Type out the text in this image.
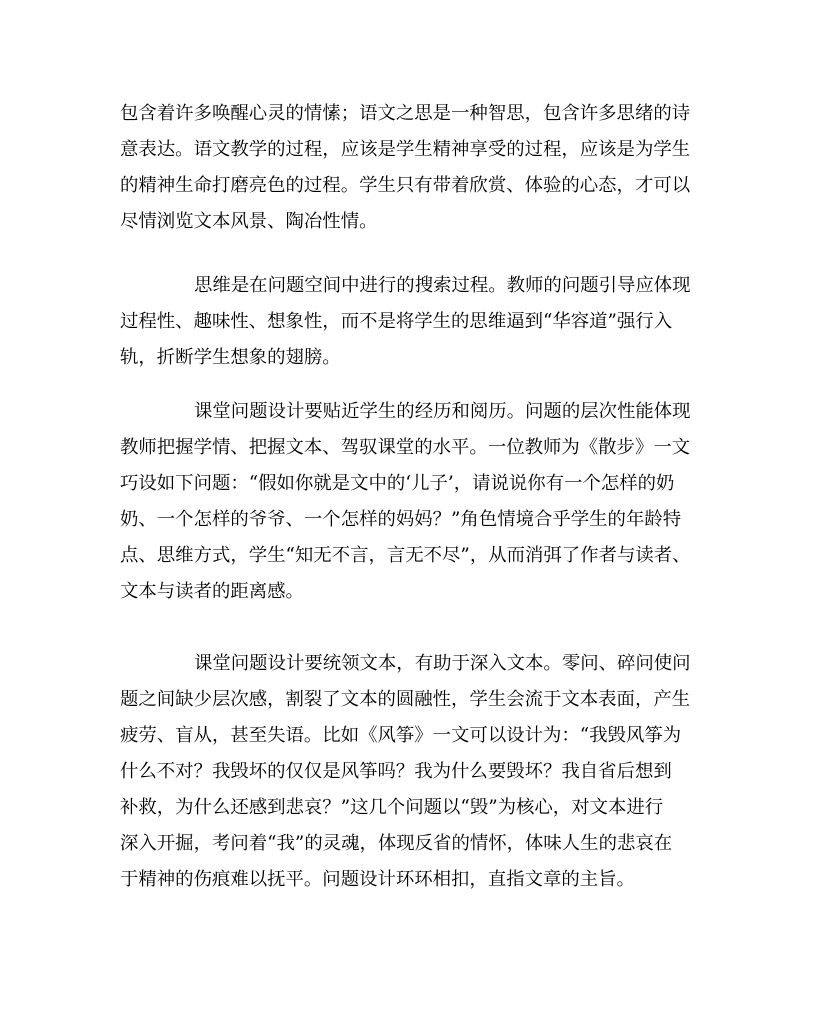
包含着许多唤醒心灵的情愫；语文之思是一种智思，包含许多思绪的诗
意表达。语文教学的过程，应该是学生精神享受的过程，应该是为学生
的精神生命打磨亮色的过程。学生只有带着欣赏、体验的心态，才可以
尽情浏览文本风景、陶冶性情。
思维是在问题空间中进行的搜索过程。教师的问题引导应体现
过程性、趣味性、想象性，而不是将学生的思维逼到“华容道”强行入
轨，折断学生想象的翅膀。
课堂问题设计要贴近学生的经历和阅历。问题的层次性能体现
教师把握学情、把握文本、驾驭课堂的水平。一位教师为《散步》一文
巧设如下问题：“假如你就是文中的‘儿子’，请说说你有一个怎样的奶
奶、一个怎样的爷爷、一个怎样的妈妈？”角色情境合乎学生的年龄特
点、思维方式，学生“知无不言，言无不尽”，从而消弭了作者与读者、
文本与读者的距离感。
课堂问题设计要统领文本，有助于深入文本。零问、碎问使问
题之间缺少层次感，割裂了文本的圆融性，学生会流于文本表面，产生
疲劳、盲从，甚至失语。比如《风筝》一文可以设计为：“我毁风筝为
什么不对？我毁坏的仅仅是风筝吗？我为什么要毁坏？我自省后想到
补救，为什么还感到悲哀？”这几个问题以“毁”为核心，对文本进行
深入开掘，考问着“我”的灵魂，体现反省的情怀，体味人生的悲哀在
于精神的伤痕难以抚平。问题设计环环相扣，直指文章的主旨。
